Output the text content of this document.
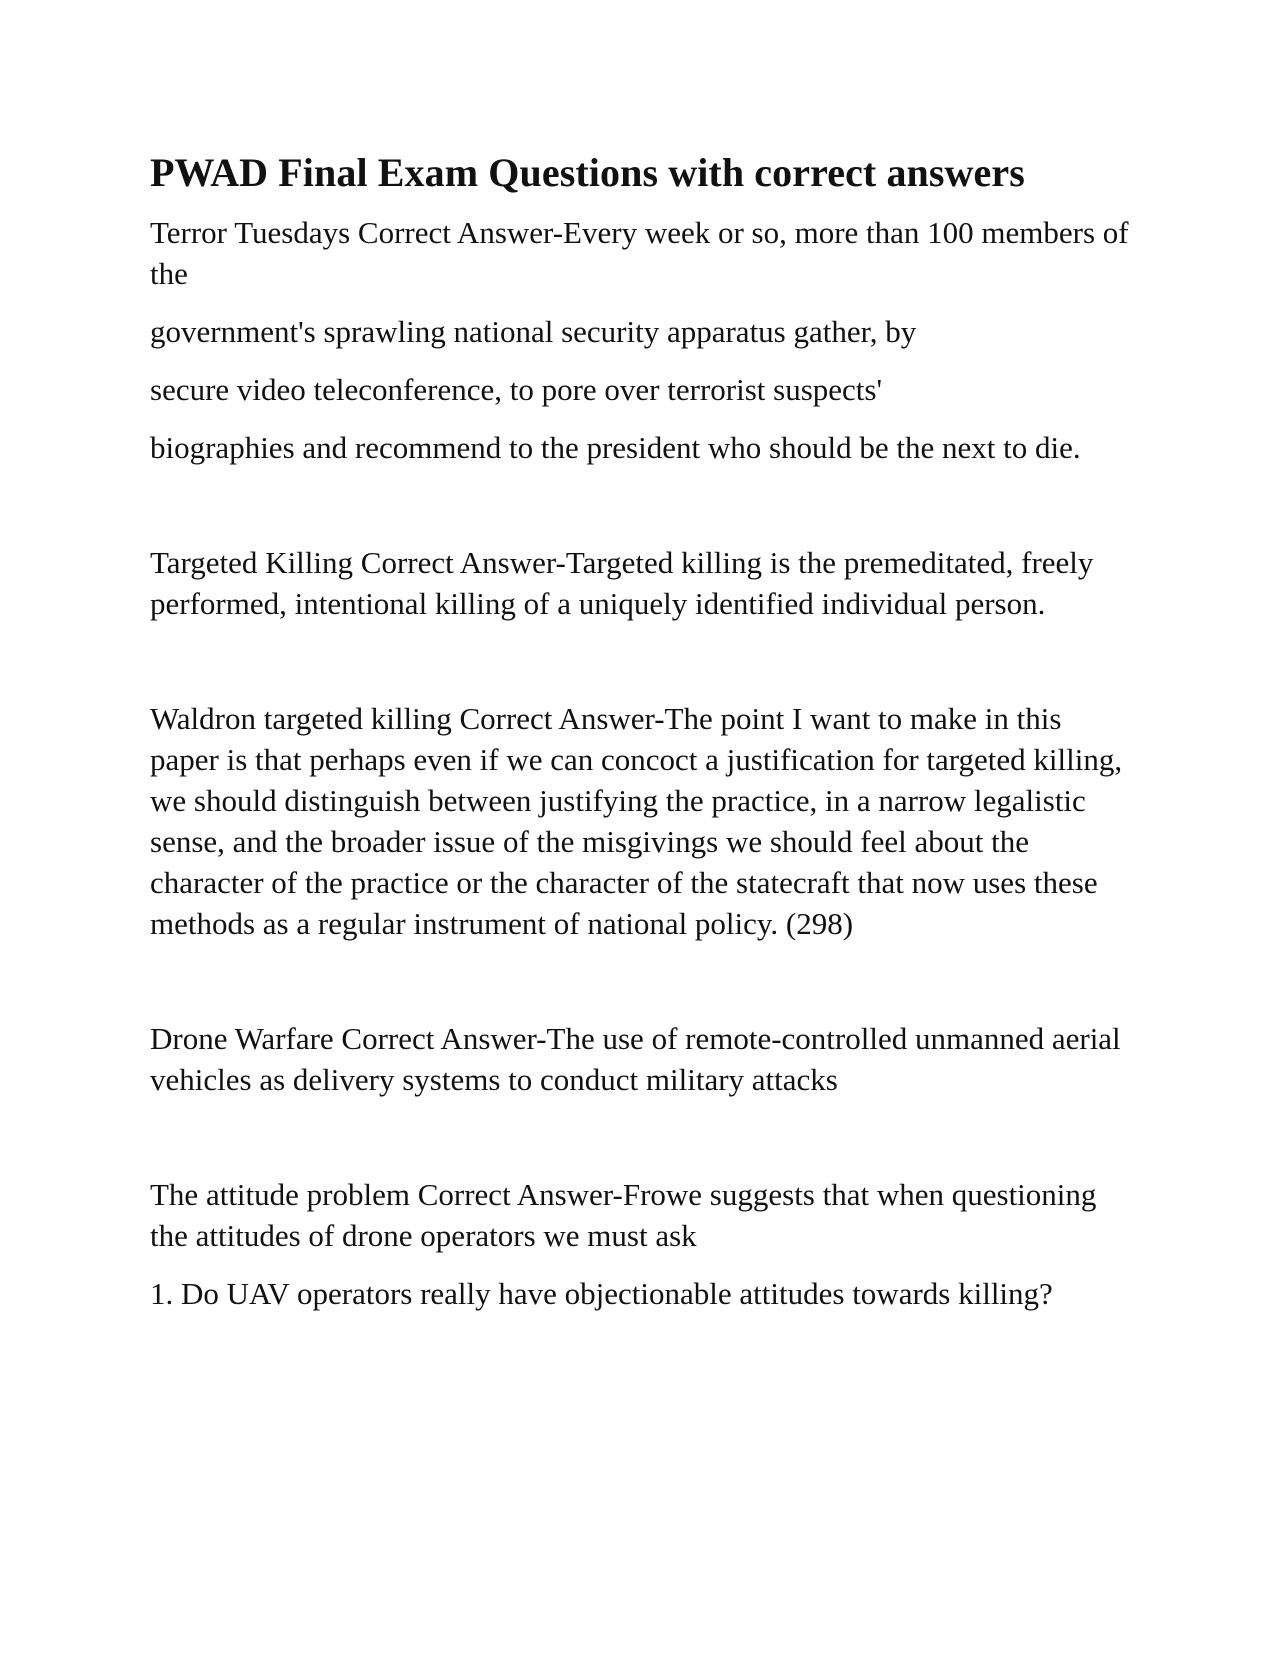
PWAD Final Exam Questions with correct answers

Terror Tuesdays Correct Answer-Every week or so, more than 100 members of the

government's sprawling national security apparatus gather, by

secure video teleconference, to pore over terrorist suspects'

biographies and recommend to the president who should be the next to die.

Targeted Killing Correct Answer-Targeted killing is the premeditated, freely performed, intentional killing of a uniquely identified individual person.

Waldron targeted killing Correct Answer-The point I want to make in this paper is that perhaps even if we can concoct a justification for targeted killing, we should distinguish between justifying the practice, in a narrow legalistic sense, and the broader issue of the misgivings we should feel about the character of the practice or the character of the statecraft that now uses these methods as a regular instrument of national policy. (298)

Drone Warfare Correct Answer-The use of remote-controlled unmanned aerial vehicles as delivery systems to conduct military attacks

The attitude problem Correct Answer-Frowe suggests that when questioning the attitudes of drone operators we must ask

1. Do UAV operators really have objectionable attitudes towards killing?
